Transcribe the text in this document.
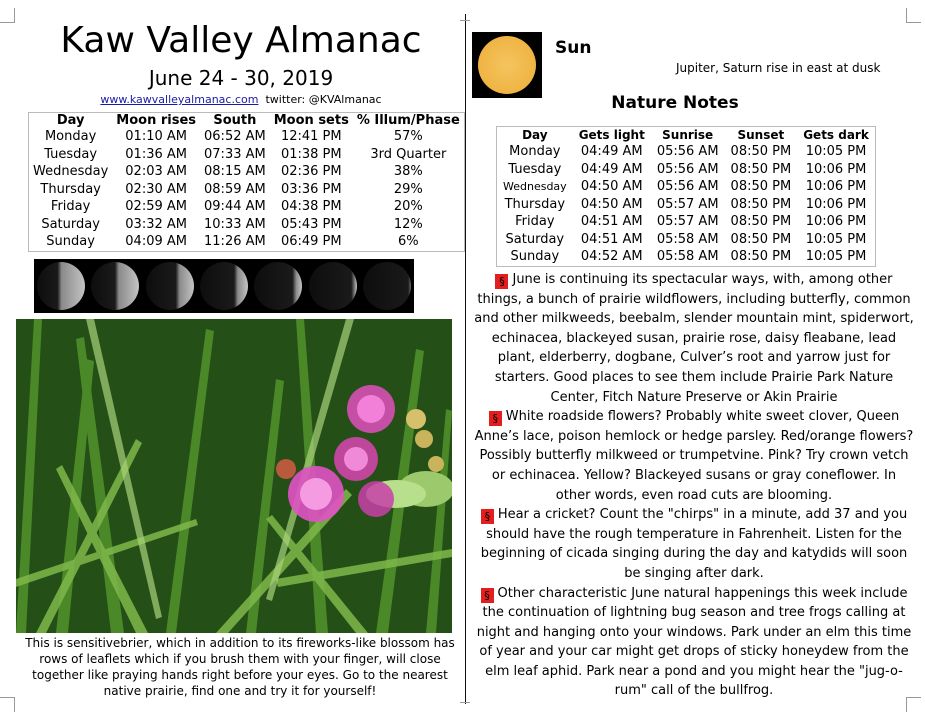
Kaw Valley Almanac
June 24 - 30, 2019
www.kawvalleyalmanac.com twitter: @KVAlmanac
Day	Moon rises	South	Moon sets	% Illum/Phase
Monday	01:10 AM	06:52 AM	12:41 PM	57%
Tuesday	01:36 AM	07:33 AM	01:38 PM	3rd Quarter
Wednesday	02:03 AM	08:15 AM	02:36 PM	38%
Thursday	02:30 AM	08:59 AM	03:36 PM	29%
Friday	02:59 AM	09:44 AM	04:38 PM	20%
Saturday	03:32 AM	10:33 AM	05:43 PM	12%
Sunday	04:09 AM	11:26 AM	06:49 PM	6%
This is sensitivebrier, which in addition to its fireworks-like blossom has rows of leaflets which if you brush them with your finger, will close together like praying hands right before your eyes. Go to the nearest native prairie, find one and try it for yourself!
Sun
Jupiter, Saturn rise in east at dusk
Nature Notes
Day	Gets light	Sunrise	Sunset	Gets dark
Monday	04:49 AM	05:56 AM	08:50 PM	10:05 PM
Tuesday	04:49 AM	05:56 AM	08:50 PM	10:06 PM
Wednesday	04:50 AM	05:56 AM	08:50 PM	10:06 PM
Thursday	04:50 AM	05:57 AM	08:50 PM	10:06 PM
Friday	04:51 AM	05:57 AM	08:50 PM	10:06 PM
Saturday	04:51 AM	05:58 AM	08:50 PM	10:05 PM
Sunday	04:52 AM	05:58 AM	08:50 PM	10:05 PM

§ June is continuing its spectacular ways, with, among other things, a bunch of prairie wildflowers, including butterfly, common and other milkweeds, beebalm, slender mountain mint, spiderwort, echinacea, blackeyed susan, prairie rose, daisy fleabane, lead plant, elderberry, dogbane, Culver’s root and yarrow just for starters. Good places to see them include Prairie Park Nature Center, Fitch Nature Preserve or Akin Prairie

§ White roadside flowers? Probably white sweet clover, Queen Anne’s lace, poison hemlock or hedge parsley. Red/orange flowers? Possibly butterfly milkweed or trumpetvine. Pink? Try crown vetch or echinacea. Yellow? Blackeyed susans or gray coneflower. In other words, even road cuts are blooming.

§ Hear a cricket? Count the "chirps" in a minute, add 37 and you should have the rough temperature in Fahrenheit. Listen for the beginning of cicada singing during the day and katydids will soon be singing after dark.

§ Other characteristic June natural happenings this week include the continuation of lightning bug season and tree frogs calling at night and hanging onto your windows. Park under an elm this time of year and your car might get drops of sticky honeydew from the elm leaf aphid. Park near a pond and you might hear the "jug-o-rum" call of the bullfrog.
